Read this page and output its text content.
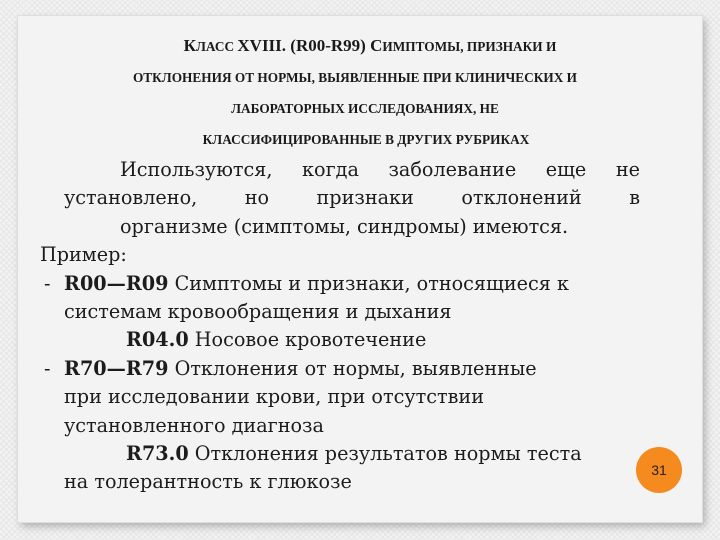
КЛАСС XVIII. (R00-R99) СИМПТОМЫ, ПРИЗНАКИ И
ОТКЛОНЕНИЯ ОТ НОРМЫ, ВЫЯВЛЕННЫЕ ПРИ КЛИНИЧЕСКИХ И
ЛАБОРАТОРНЫХ ИССЛЕДОВАНИЯХ, НЕ
КЛАССИФИЦИРОВАННЫЕ В ДРУГИХ РУБРИКАХ
Используются, когда заболевание еще не
установлено, но признаки отклонений в
организме (симптомы, синдромы) имеются.
Пример:
- R00—R09 Симптомы и признаки, относящиеся к
системам кровообращения и дыхания
R04.0 Носовое кровотечение
- R70—R79 Отклонения от нормы, выявленные
при исследовании крови, при отсутствии
установленного диагноза
R73.0 Отклонения результатов нормы теста
на толерантность к глюкозе
31
